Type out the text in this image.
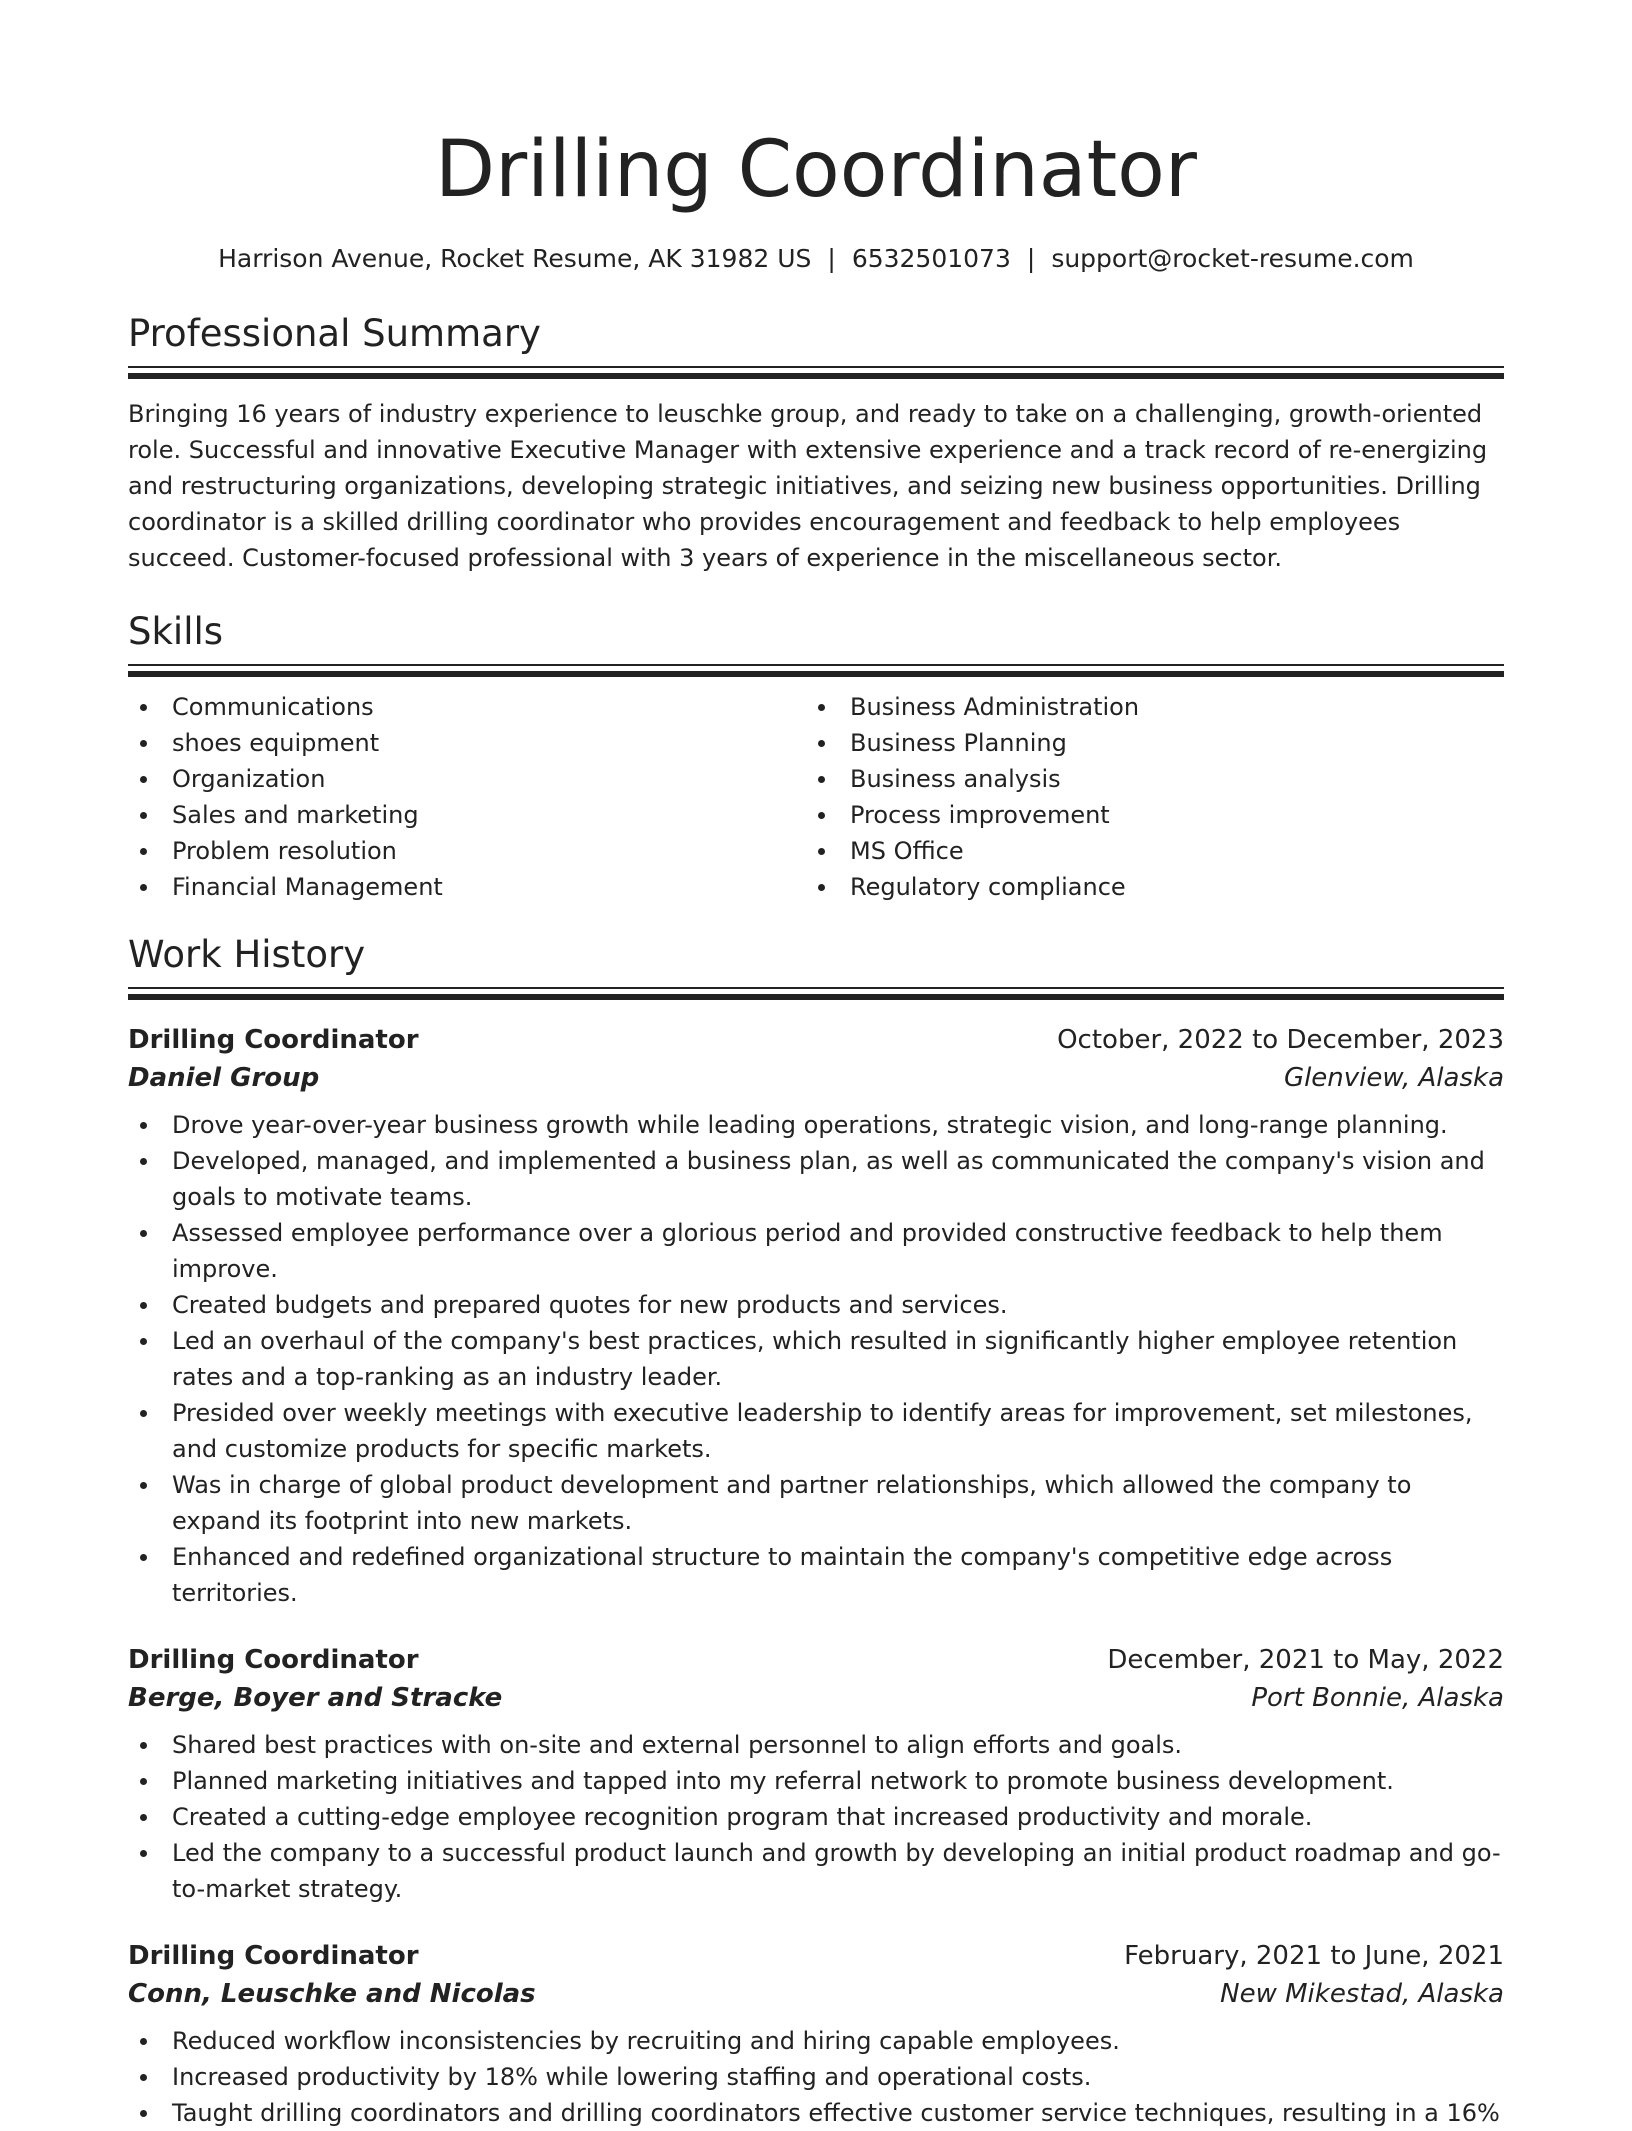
Drilling Coordinator
Harrison Avenue, Rocket Resume, AK 31982 US | 6532501073 | support@rocket-resume.com
Professional Summary
Bringing 16 years of industry experience to leuschke group, and ready to take on a challenging, growth-oriented role. Successful and innovative Executive Manager with extensive experience and a track record of re-energizing and restructuring organizations, developing strategic initiatives, and seizing new business opportunities. Drilling coordinator is a skilled drilling coordinator who provides encouragement and feedback to help employees succeed. Customer-focused professional with 3 years of experience in the miscellaneous sector.
Skills
Communications
shoes equipment
Organization
Sales and marketing
Problem resolution
Financial Management
Business Administration
Business Planning
Business analysis
Process improvement
MS Office
Regulatory compliance
Work History
Drilling Coordinator	October, 2022 to December, 2023
Daniel Group	Glenview, Alaska
Drove year-over-year business growth while leading operations, strategic vision, and long-range planning.
Developed, managed, and implemented a business plan, as well as communicated the company's vision and goals to motivate teams.
Assessed employee performance over a glorious period and provided constructive feedback to help them improve.
Created budgets and prepared quotes for new products and services.
Led an overhaul of the company's best practices, which resulted in significantly higher employee retention rates and a top-ranking as an industry leader.
Presided over weekly meetings with executive leadership to identify areas for improvement, set milestones, and customize products for specific markets.
Was in charge of global product development and partner relationships, which allowed the company to expand its footprint into new markets.
Enhanced and redefined organizational structure to maintain the company's competitive edge across territories.
Drilling Coordinator	December, 2021 to May, 2022
Berge, Boyer and Stracke	Port Bonnie, Alaska
Shared best practices with on-site and external personnel to align efforts and goals.
Planned marketing initiatives and tapped into my referral network to promote business development.
Created a cutting-edge employee recognition program that increased productivity and morale.
Led the company to a successful product launch and growth by developing an initial product roadmap and go-to-market strategy.
Drilling Coordinator	February, 2021 to June, 2021
Conn, Leuschke and Nicolas	New Mikestad, Alaska
Reduced workflow inconsistencies by recruiting and hiring capable employees.
Increased productivity by 18% while lowering staffing and operational costs.
Taught drilling coordinators and drilling coordinators effective customer service techniques, resulting in a 16%
